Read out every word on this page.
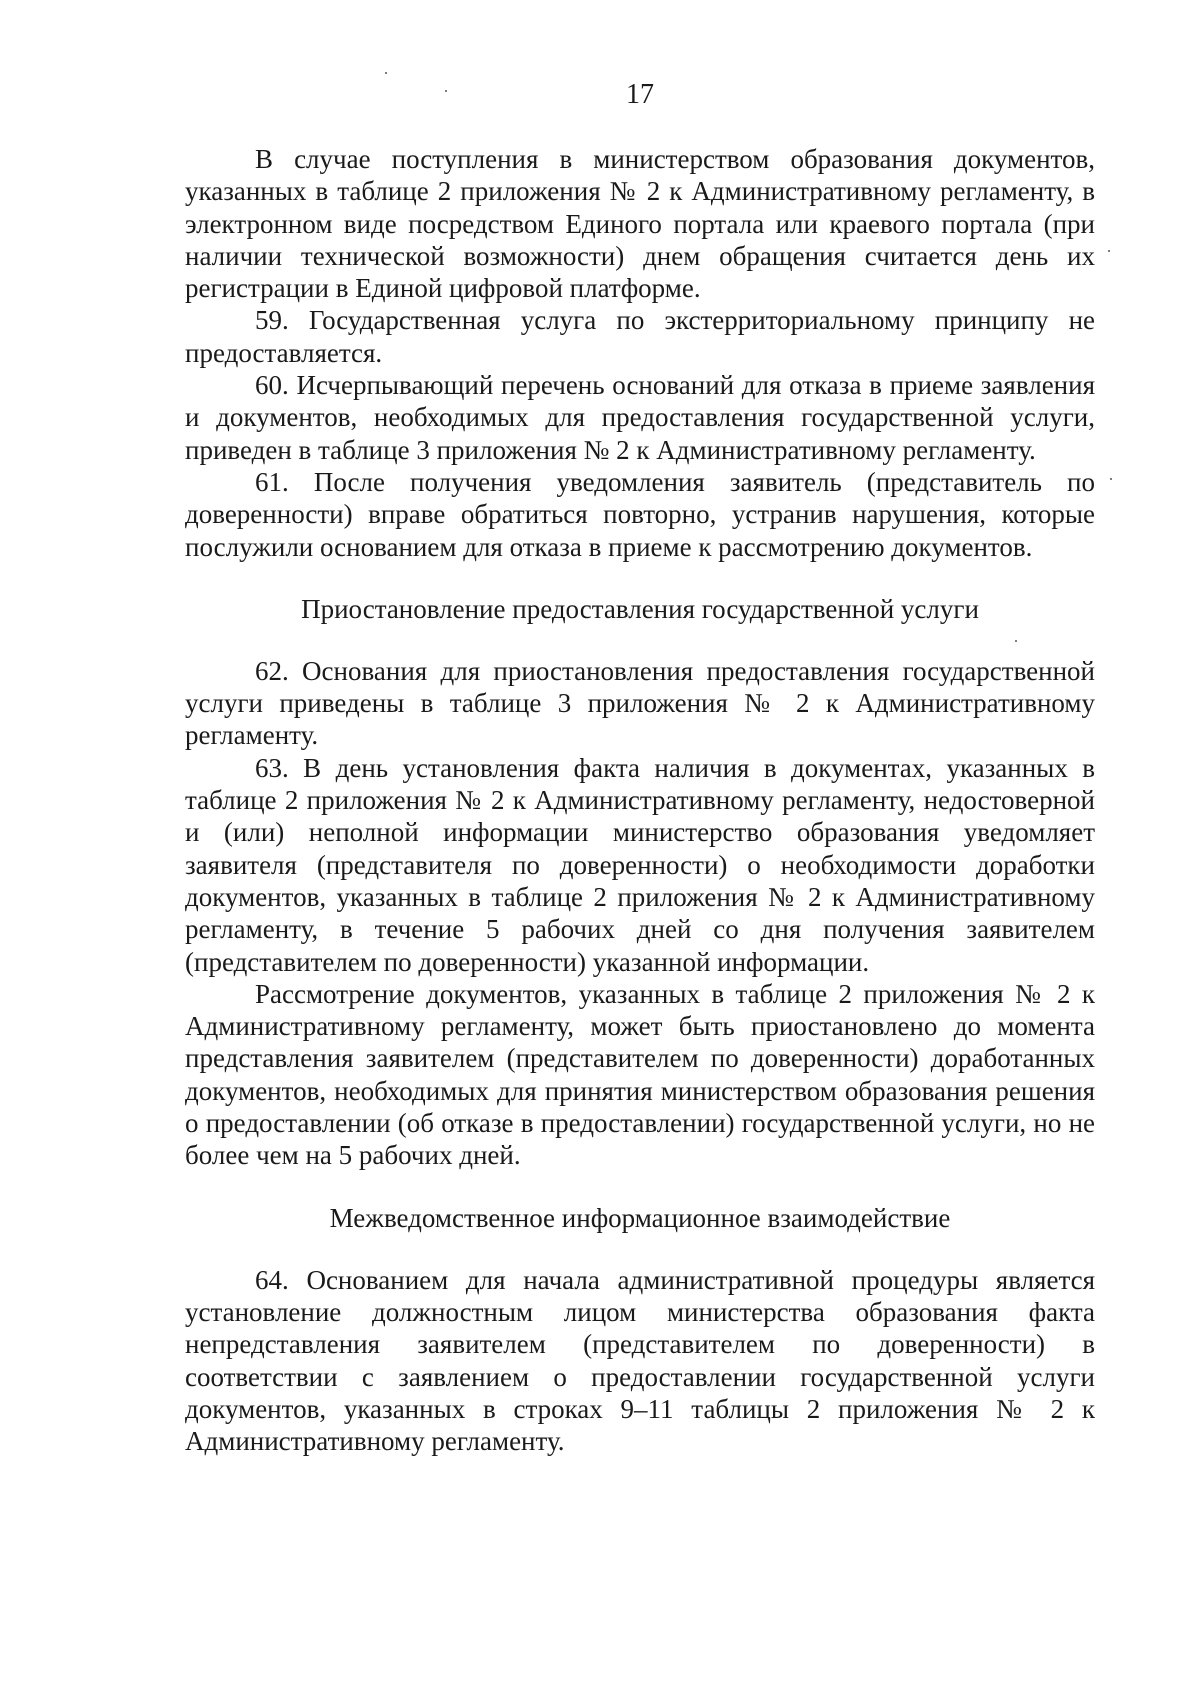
17

В случае поступления в министерством образования документов, указанных в таблице 2 приложения № 2 к Административному регламенту, в электронном виде посредством Единого портала или краевого портала (при наличии технической возможности) днем обращения считается день их регистрации в Единой цифровой платформе.

59. Государственная услуга по экстерриториальному принципу не предоставляется.

60. Исчерпывающий перечень оснований для отказа в приеме заявления и документов, необходимых для предоставления государственной услуги, приведен в таблице 3 приложения № 2 к Административному регламенту.

61. После получения уведомления заявитель (представитель по доверенности) вправе обратиться повторно, устранив нарушения, которые послужили основанием для отказа в приеме к рассмотрению документов.

Приостановление предоставления государственной услуги

62. Основания для приостановления предоставления государственной услуги приведены в таблице 3 приложения № 2 к Административному регламенту.

63. В день установления факта наличия в документах, указанных в таблице 2 приложения № 2 к Административному регламенту, недостоверной и (или) неполной информации министерство образования уведомляет заявителя (представителя по доверенности) о необходимости доработки документов, указанных в таблице 2 приложения № 2 к Административному регламенту, в течение 5 рабочих дней со дня получения заявителем (представителем по доверенности) указанной информации.

Рассмотрение документов, указанных в таблице 2 приложения № 2 к Административному регламенту, может быть приостановлено до момента представления заявителем (представителем по доверенности) доработанных документов, необходимых для принятия министерством образования решения о предоставлении (об отказе в предоставлении) государственной услуги, но не более чем на 5 рабочих дней.

Межведомственное информационное взаимодействие

64. Основанием для начала административной процедуры является установление должностным лицом министерства образования факта непредставления заявителем (представителем по доверенности) в соответствии с заявлением о предоставлении государственной услуги документов, указанных в строках 9–11 таблицы 2 приложения № 2 к Административному регламенту.
